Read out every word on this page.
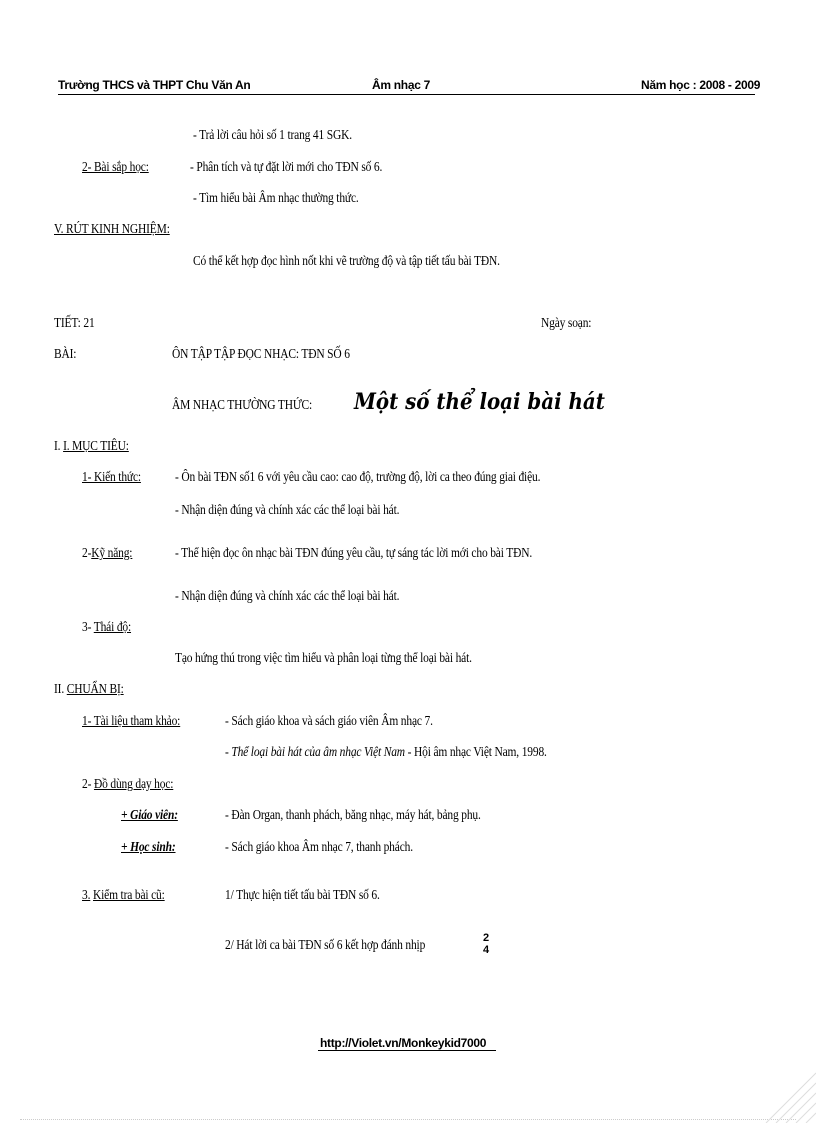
Trường THCS và THPT Chu Văn An	Âm nhạc 7	Năm học : 2008 - 2009
- Trả lời câu hỏi số 1 trang 41 SGK.
2- Bài sắp học:	- Phân tích và tự đặt lời mới cho TĐN số 6.
- Tìm hiểu bài Âm nhạc thường thức.
V. RÚT KINH NGHIỆM:
Có thể kết hợp đọc hình nốt khi vẽ trường độ và tập tiết tấu bài TĐN.
TIẾT: 21	Ngày soạn:
BÀI:	ÔN TẬP TẬP ĐỌC NHẠC: TĐN SỐ 6
ÂM NHẠC THƯỜNG THỨC: Một số thể loại bài hát
I. I. MỤC TIÊU:
1- Kiến thức: - Ôn bài TĐN số1 6 với yêu cầu cao: cao độ, trường độ, lời ca theo đúng giai điệu.
- Nhận diện đúng và chính xác các thể loại bài hát.
2-Kỹ năng:	- Thể hiện đọc ôn nhạc bài TĐN đúng yêu cầu, tự sáng tác lời mới cho bài TĐN.
- Nhận diện đúng và chính xác các thể loại bài hát.
3- Thái độ:
Tạo hứng thú trong việc tìm hiểu và phân loại từng thể loại bài hát.
II. CHUẨN BỊ:
1- Tài liệu tham khảo:	- Sách giáo khoa và sách giáo viên Âm nhạc 7.
- Thể loại bài hát của âm nhạc Việt Nam - Hội âm nhạc Việt Nam, 1998.
2- Đồ dùng dạy học:
+ Giáo viên:	- Đàn Organ, thanh phách, băng nhạc, máy hát, bảng phụ.
+ Học sinh:	- Sách giáo khoa Âm nhạc 7, thanh phách.
3. Kiểm tra bài cũ:	1/ Thực hiện tiết tấu bài TĐN số 6.
2/ Hát lời ca bài TĐN số 6 kết hợp đánh nhịp	2
4
http://Violet.vn/Monkeykid7000
